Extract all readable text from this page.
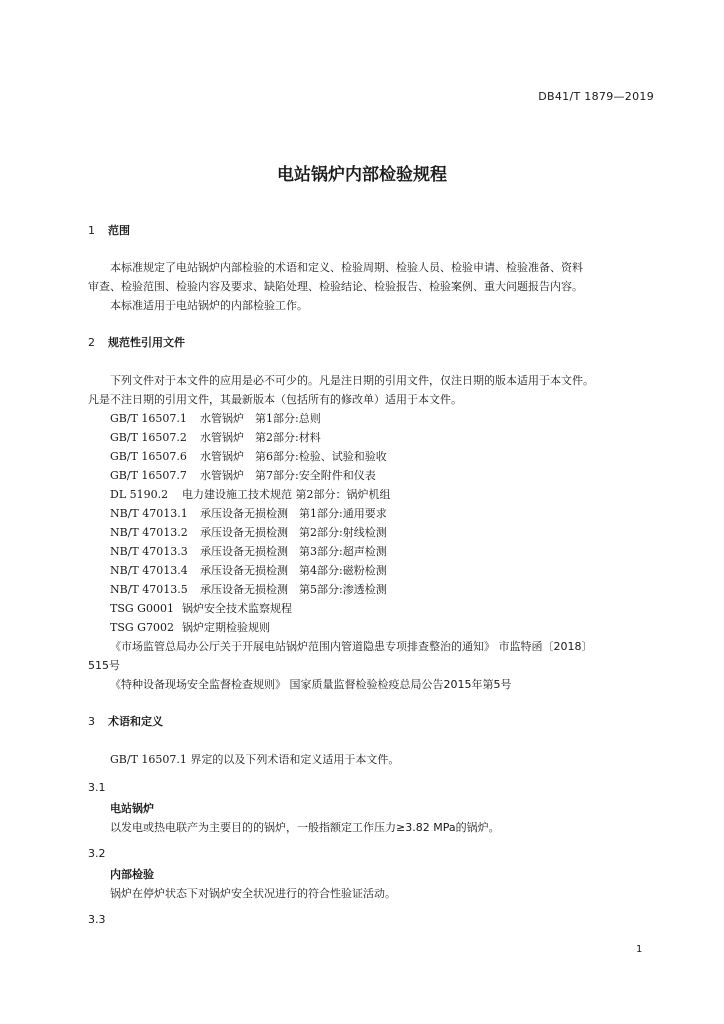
DB41/T 1879—2019
电站锅炉内部检验规程
1 范围
本标准规定了电站锅炉内部检验的术语和定义、检验周期、检验人员、检验申请、检验准备、资料
审查、检验范围、检验内容及要求、缺陷处理、检验结论、检验报告、检验案例、重大问题报告内容。
本标准适用于电站锅炉的内部检验工作。
2 规范性引用文件
下列文件对于本文件的应用是必不可少的。凡是注日期的引用文件，仅注日期的版本适用于本文件。
凡是不注日期的引用文件，其最新版本（包括所有的修改单）适用于本文件。
GB/T 16507.1 水管锅炉　第1部分:总则
GB/T 16507.2 水管锅炉　第2部分:材料
GB/T 16507.6 水管锅炉　第6部分:检验、试验和验收
GB/T 16507.7 水管锅炉　第7部分:安全附件和仪表
DL 5190.2 电力建设施工技术规范 第2部分：锅炉机组
NB/T 47013.1 承压设备无损检测　第1部分:通用要求
NB/T 47013.2 承压设备无损检测　第2部分:射线检测
NB/T 47013.3 承压设备无损检测　第3部分:超声检测
NB/T 47013.4 承压设备无损检测　第4部分:磁粉检测
NB/T 47013.5 承压设备无损检测　第5部分:渗透检测
TSG G0001 锅炉安全技术监察规程
TSG G7002 锅炉定期检验规则
《市场监管总局办公厅关于开展电站锅炉范围内管道隐患专项排查整治的通知》 市监特函〔2018〕
515号
《特种设备现场安全监督检查规则》 国家质量监督检验检疫总局公告2015年第5号
3 术语和定义
GB/T 16507.1 界定的以及下列术语和定义适用于本文件。
3.1
电站锅炉
以发电或热电联产为主要目的的锅炉，一般指额定工作压力≥3.82 MPa的锅炉。
3.2
内部检验
锅炉在停炉状态下对锅炉安全状况进行的符合性验证活动。
3.3
1
